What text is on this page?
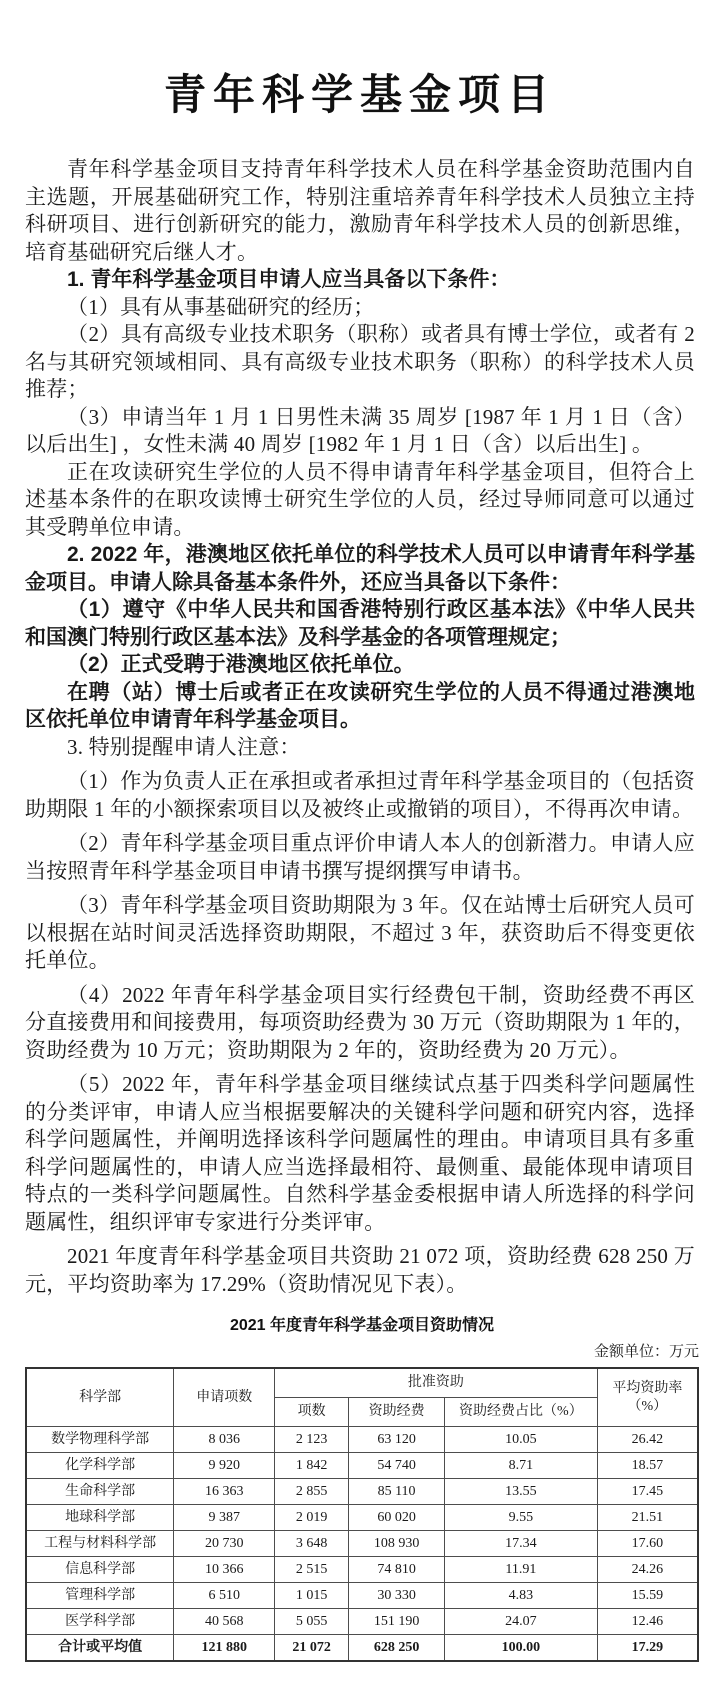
青年科学基金项目

青年科学基金项目支持青年科学技术人员在科学基金资助范围内自主选题，开展基础研究工作，特别注重培养青年科学技术人员独立主持科研项目、进行创新研究的能力，激励青年科学技术人员的创新思维，培育基础研究后继人才。

1. 青年科学基金项目申请人应当具备以下条件：

（1）具有从事基础研究的经历；

（2）具有高级专业技术职务（职称）或者具有博士学位，或者有 2 名与其研究领域相同、具有高级专业技术职务（职称）的科学技术人员推荐；

（3）申请当年 1 月 1 日男性未满 35 周岁 [1987 年 1 月 1 日（含）以后出生] ，女性未满 40 周岁 [1982 年 1 月 1 日（含）以后出生] 。

正在攻读研究生学位的人员不得申请青年科学基金项目，但符合上述基本条件的在职攻读博士研究生学位的人员，经过导师同意可以通过其受聘单位申请。

2. 2022 年，港澳地区依托单位的科学技术人员可以申请青年科学基金项目。申请人除具备基本条件外，还应当具备以下条件：

（1）遵守《中华人民共和国香港特别行政区基本法》《中华人民共和国澳门特别行政区基本法》及科学基金的各项管理规定；

（2）正式受聘于港澳地区依托单位。

在聘（站）博士后或者正在攻读研究生学位的人员不得通过港澳地区依托单位申请青年科学基金项目。

3. 特别提醒申请人注意：

（1）作为负责人正在承担或者承担过青年科学基金项目的（包括资助期限 1 年的小额探索项目以及被终止或撤销的项目），不得再次申请。

（2）青年科学基金项目重点评价申请人本人的创新潜力。申请人应当按照青年科学基金项目申请书撰写提纲撰写申请书。

（3）青年科学基金项目资助期限为 3 年。仅在站博士后研究人员可以根据在站时间灵活选择资助期限，不超过 3 年，获资助后不得变更依托单位。

（4）2022 年青年科学基金项目实行经费包干制，资助经费不再区分直接费用和间接费用，每项资助经费为 30 万元（资助期限为 1 年的，资助经费为 10 万元；资助期限为 2 年的，资助经费为 20 万元）。

（5）2022 年，青年科学基金项目继续试点基于四类科学问题属性的分类评审，申请人应当根据要解决的关键科学问题和研究内容，选择科学问题属性，并阐明选择该科学问题属性的理由。申请项目具有多重科学问题属性的，申请人应当选择最相符、最侧重、最能体现申请项目特点的一类科学问题属性。自然科学基金委根据申请人所选择的科学问题属性，组织评审专家进行分类评审。

2021 年度青年科学基金项目共资助 21 072 项，资助经费 628 250 万元，平均资助率为 17.29%（资助情况见下表）。

2021 年度青年科学基金项目资助情况
金额单位：万元
科学部	申请项数	批准资助			平均资助率（%）
		项数	资助经费	资助经费占比（%）	
数学物理科学部	8 036	2 123	63 120	10.05	26.42
化学科学部	9 920	1 842	54 740	8.71	18.57
生命科学部	16 363	2 855	85 110	13.55	17.45
地球科学部	9 387	2 019	60 020	9.55	21.51
工程与材料科学部	20 730	3 648	108 930	17.34	17.60
信息科学部	10 366	2 515	74 810	11.91	24.26
管理科学部	6 510	1 015	30 330	4.83	15.59
医学科学部	40 568	5 055	151 190	24.07	12.46
合计或平均值	121 880	21 072	628 250	100.00	17.29
